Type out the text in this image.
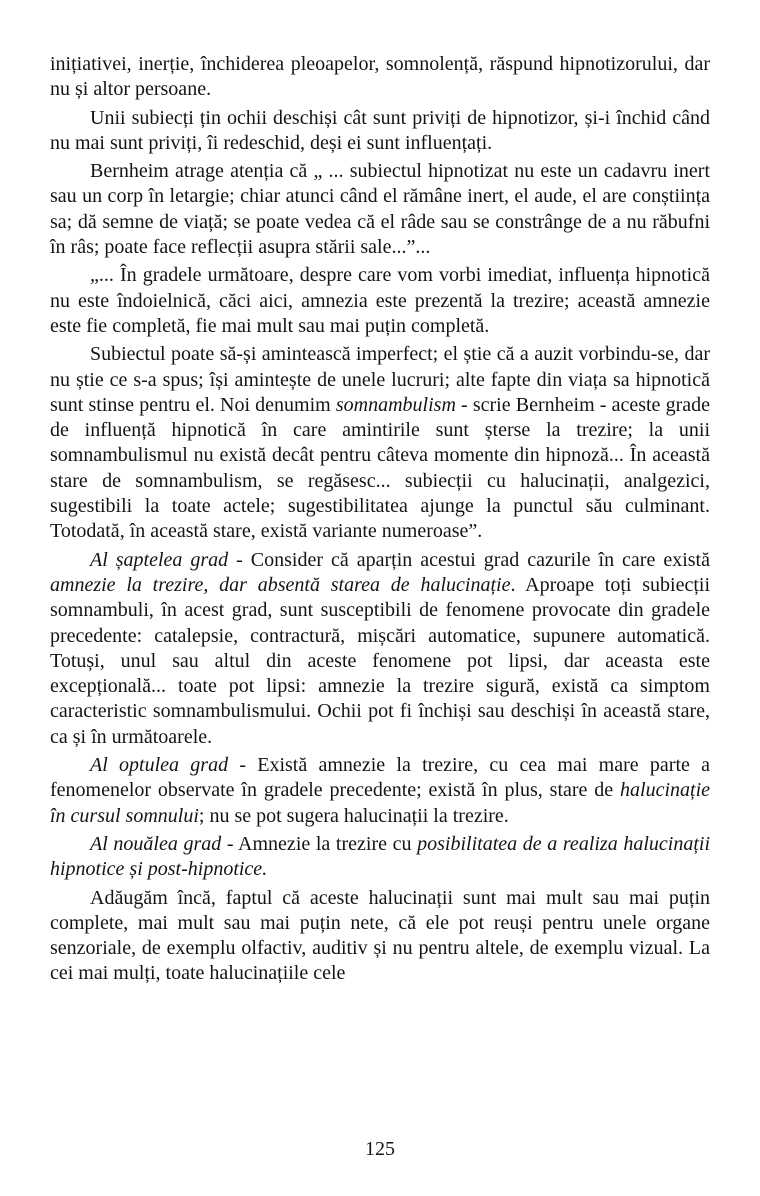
inițiativei, inerție, închiderea pleoapelor, somnolență, răspund hipnotizorului, dar nu și altor persoane.

Unii subiecți țin ochii deschiși cât sunt priviți de hipnotizor, și-i închid când nu mai sunt priviți, îi redeschid, deși ei sunt influențați.

Bernheim atrage atenția că „ ... subiectul hipnotizat nu este un cadavru inert sau un corp în letargie; chiar atunci când el rămâne inert, el aude, el are conștiința sa; dă semne de viață; se poate vedea că el râde sau se constrânge de a nu răbufni în râs; poate face reflecții asupra stării sale...”...

„... În gradele următoare, despre care vom vorbi imediat, influența hipnotică nu este îndoielnică, căci aici, amnezia este prezentă la trezire; această amnezie este fie completă, fie mai mult sau mai puțin completă.

Subiectul poate să-și amintească imperfect; el știe că a auzit vorbindu-se, dar nu știe ce s-a spus; își amintește de unele lucruri; alte fapte din viața sa hipnotică sunt stinse pentru el. Noi denumim somnambulism - scrie Bernheim - aceste grade de influență hipnotică în care amintirile sunt șterse la trezire; la unii somnambulismul nu există decât pentru câteva momente din hipnoză... În această stare de somnambulism, se regăsesc... subiecții cu halucinații, analgezici, sugestibili la toate actele; sugestibilitatea ajunge la punctul său culminant. Totodată, în această stare, există variante numeroase”.

Al șaptelea grad - Consider că aparțin acestui grad cazurile în care există amnezie la trezire, dar absentă starea de halucinație. Aproape toți subiecții somnambuli, în acest grad, sunt susceptibili de fenomene provocate din gradele precedente: catalepsie, contractură, mișcări automatice, supunere automatică. Totuși, unul sau altul din aceste fenomene pot lipsi, dar aceasta este excepțională... toate pot lipsi: amnezie la trezire sigură, există ca simptom caracteristic somnambulismului. Ochii pot fi închiși sau deschiși în această stare, ca și în următoarele.

Al optulea grad - Există amnezie la trezire, cu cea mai mare parte a fenomenelor observate în gradele precedente; există în plus, stare de halucinație în cursul somnului; nu se pot sugera halucinații la trezire.

Al nouălea grad - Amnezie la trezire cu posibilitatea de a realiza halucinații hipnotice și post-hipnotice.

Adăugăm încă, faptul că aceste halucinații sunt mai mult sau mai puțin complete, mai mult sau mai puțin nete, că ele pot reuși pentru unele organe senzoriale, de exemplu olfactiv, auditiv și nu pentru altele, de exemplu vizual. La cei mai mulți, toate halucinațiile cele

125
